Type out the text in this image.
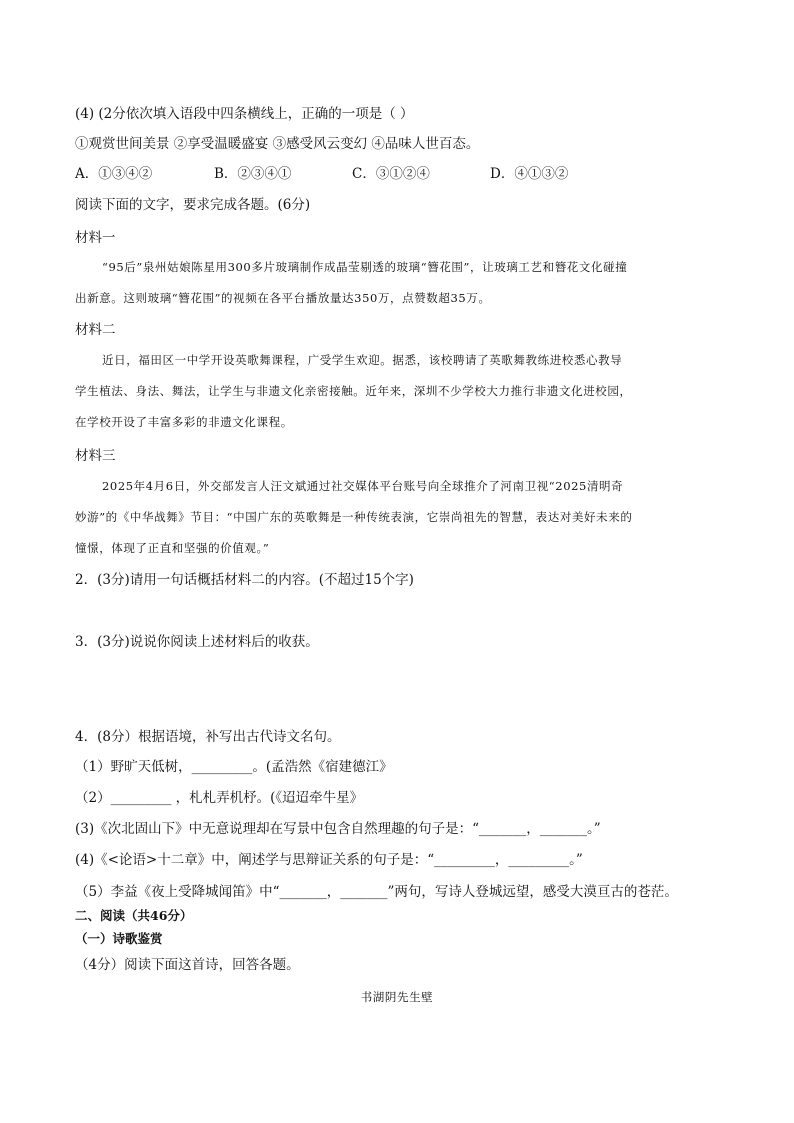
(4) (2分依次填入语段中四条横线上，正确的一项是（ ）
①观赏世间美景 ②享受温暖盛宴 ③感受风云变幻 ④品味人世百态。
A．①③④②	B．②③④①	C．③①②④	D．④①③②
阅读下面的文字，要求完成各题。(6分)
材料一
“95后”泉州姑娘陈星用300多片玻璃制作成晶莹剔透的玻璃“簪花围”，让玻璃工艺和簪花文化碰撞
出新意。这则玻璃“簪花围”的视频在各平台播放量达350万，点赞数超35万。
材料二
近日，福田区一中学开设英歌舞课程，广受学生欢迎。据悉，该校聘请了英歌舞教练进校悉心教导
学生植法、身法、舞法，让学生与非遗文化亲密接触。近年来，深圳不少学校大力推行非遗文化进校园，
在学校开设了丰富多彩的非遗文化课程。
材料三
2025年4月6日，外交部发言人汪文斌通过社交媒体平台账号向全球推介了河南卫视“2025清明奇
妙游”的《中华战舞》节目：“中国广东的英歌舞是一种传统表演，它崇尚祖先的智慧，表达对美好未来的
憧憬，体现了正直和坚强的价值观。”
2．(3分)请用一句话概括材料二的内容。(不超过15个字)
3．(3分)说说你阅读上述材料后的收获。
4．(8分）根据语境，补写出古代诗文名句。
（1）野旷天低树，_________。(孟浩然《宿建德江》
（2）_________ ，札札弄机杼。(《迢迢牵牛星》
(3)《次北固山下》中无意说理却在写景中包含自然理趣的句子是：“_______，_______。”
(4)《<论语>十二章》中，阐述学与思辩证关系的句子是：“_________，_________。”
（5）李益《夜上受降城闻笛》中“_______，_______”两句，写诗人登城远望，感受大漠亘古的苍茫。
二、阅读（共46分）
（一）诗歌鉴赏
（4分）阅读下面这首诗，回答各题。
书湖阴先生壁
